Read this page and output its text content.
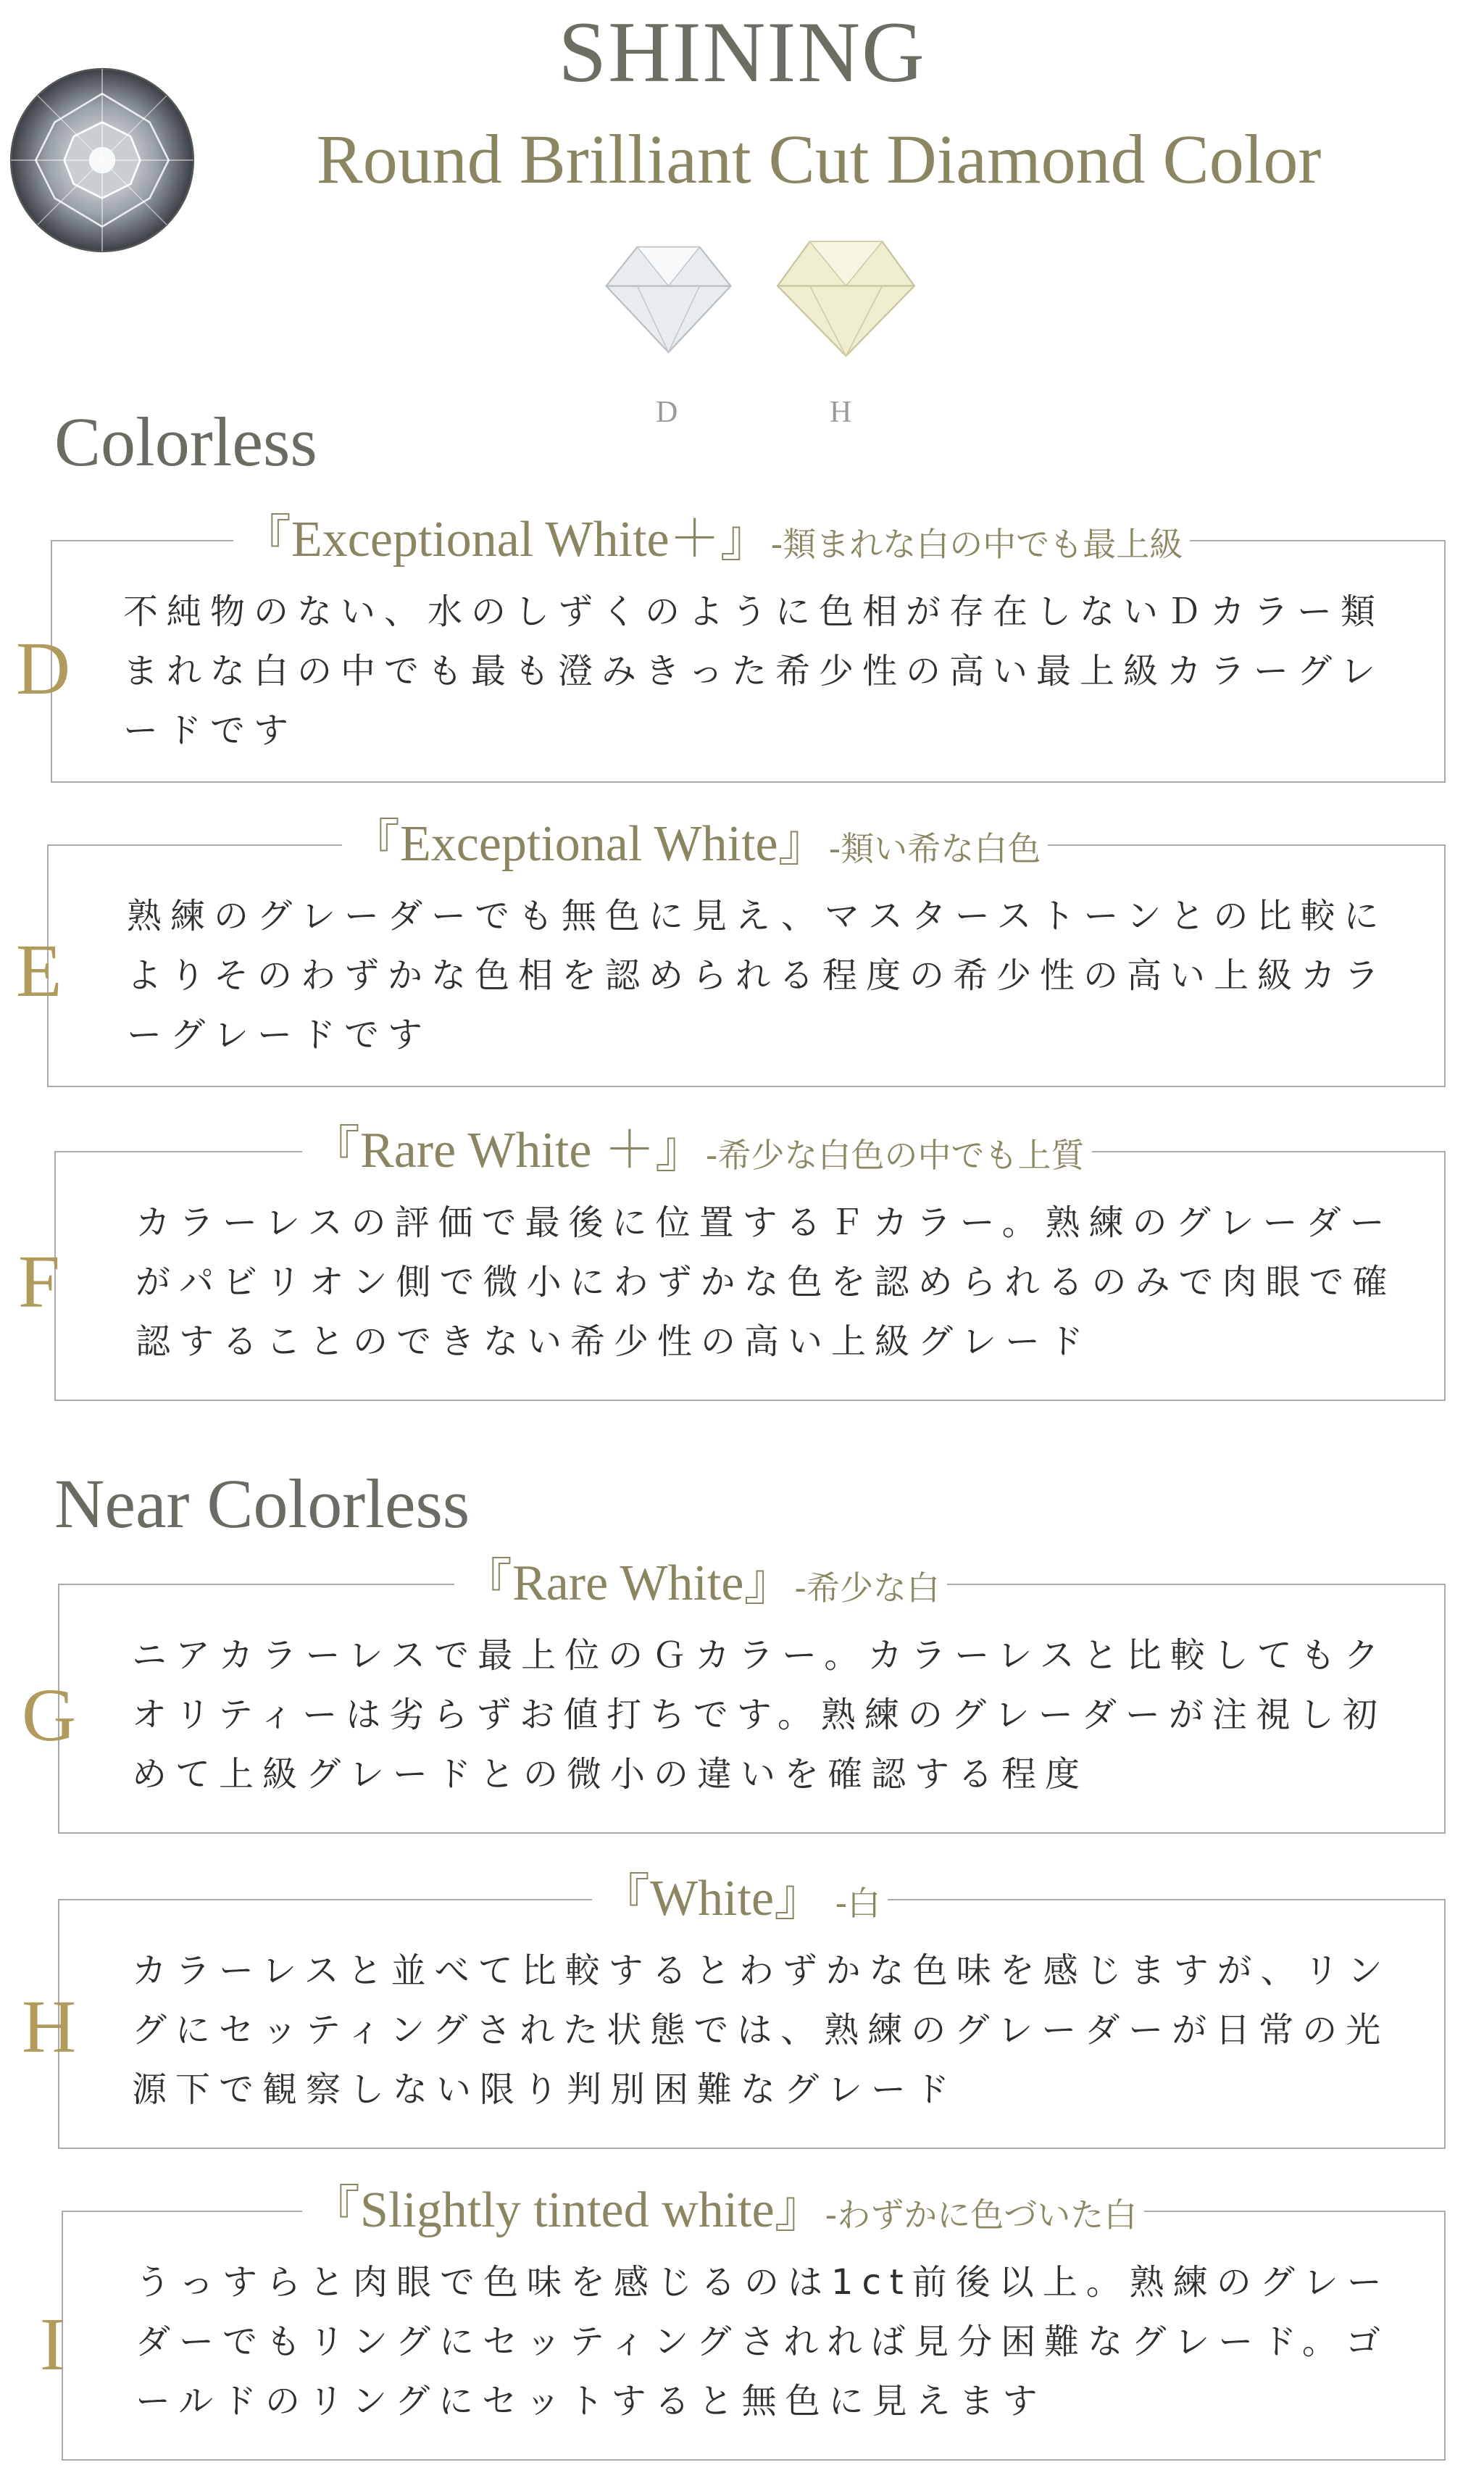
SHINING
Round Brilliant Cut Diamond Color
D	H
Colorless
『Exceptional White＋』-類まれな白の中でも最上級

不純物のない、水のしずくのように色相が存在しないＤカラー類まれな白の中でも最も澄みきった希少性の高い最上級カラーグレードです

D
『Exceptional White』-類い希な白色

熟練のグレーダーでも無色に見え、マスターストーンとの比較によりそのわずかな色相を認められる程度の希少性の高い上級カラーグレードです

E
『Rare White ＋』-希少な白色の中でも上質

カラーレスの評価で最後に位置するＦカラー。熟練のグレーダーがパビリオン側で微小にわずかな色を認められるのみで肉眼で確認することのできない希少性の高い上級グレード

F
Near Colorless
『Rare White』-希少な白

ニアカラーレスで最上位のＧカラー。カラーレスと比較してもクオリティーは劣らずお値打ちです。熟練のグレーダーが注視し初めて上級グレードとの微小の違いを確認する程度

G
『White』 -白

カラーレスと並べて比較するとわずかな色味を感じますが、リングにセッティングされた状態では、熟練のグレーダーが日常の光源下で観察しない限り判別困難なグレード

H
『Slightly tinted white』-わずかに色づいた白

うっすらと肉眼で色味を感じるのは1ct前後以上。熟練のグレーダーでもリングにセッティングされれば見分困難なグレード。ゴールドのリングにセットすると無色に見えます

I
